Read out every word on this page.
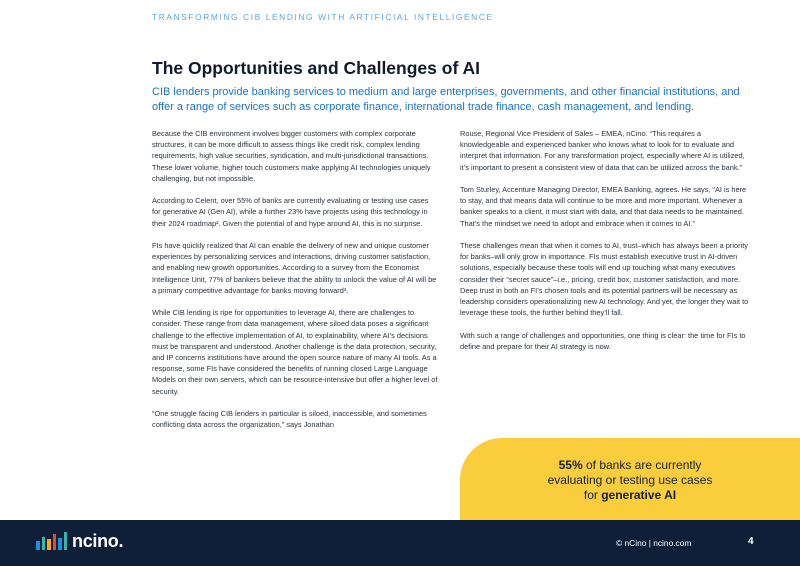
TRANSFORMING CIB LENDING WITH ARTIFICIAL INTELLIGENCE
The Opportunities and Challenges of AI

CIB lenders provide banking services to medium and large enterprises, governments, and other financial institutions, and offer a range of services such as corporate finance, international trade finance, cash management, and lending.

Because the CIB environment involves bigger customers with complex corporate structures, it can be more difficult to assess things like credit risk, complex lending requirements, high value securities, syndication, and multi-jurisdictional transactions. These lower volume, higher touch customers make applying AI technologies uniquely challenging, but not impossible.

According to Celent, over 55% of banks are currently evaluating or testing use cases for generative AI (Gen AI), while a further 23% have projects using this technology in their 2024 roadmap². Given the potential of and hype around AI, this is no surprise.

FIs have quickly realized that AI can enable the delivery of new and unique customer experiences by personalizing services and interactions, driving customer satisfaction, and enabling new growth opportunities. According to a survey from the Economist Intelligence Unit, 77% of bankers believe that the ability to unlock the value of AI will be a primary competitive advantage for banks moving forward³.

While CIB lending is ripe for opportunities to leverage AI, there are challenges to consider. These range from data management, where siloed data poses a significant challenge to the effective implementation of AI, to explainability, where AI’s decisions must be transparent and understood. Another challenge is the data protection, security, and IP concerns institutions have around the open source nature of many AI tools. As a response, some FIs have considered the benefits of running closed Large Language Models on their own servers, which can be resource-intensive but offer a higher level of security.

“One struggle facing CIB lenders in particular is siloed, inaccessible, and sometimes conflicting data across the organization,” says Jonathan

Rouse, Regional Vice President of Sales – EMEA, nCino. “This requires a knowledgeable and experienced banker who knows what to look for to evaluate and interpret that information. For any transformation project, especially where AI is utilized, it’s important to present a consistent view of data that can be utilized across the bank.”

Tom Sturley, Accenture Managing Director, EMEA Banking, agrees. He says, “AI is here to stay, and that means data will continue to be more and more important. Whenever a banker speaks to a client, it must start with data, and that data needs to be maintained. That’s the mindset we need to adopt and embrace when it comes to AI.”

These challenges mean that when it comes to AI, trust–which has always been a priority for banks–will only grow in importance. FIs must establish executive trust in AI-driven solutions, especially because these tools will end up touching what many executives consider their “secret sauce”–i.e., pricing, credit box, customer satisfaction, and more. Deep trust in both an FI’s chosen tools and its potential partners will be necessary as leadership considers operationalizing new AI technology. And yet, the longer they wait to leverage these tools, the further behind they’ll fall.

With such a range of challenges and opportunities, one thing is clear: the time for FIs to define and prepare for their AI strategy is now.

55% of banks are currently evaluating or testing use cases for generative AI
ncino.	© nCino | ncino.com	4
